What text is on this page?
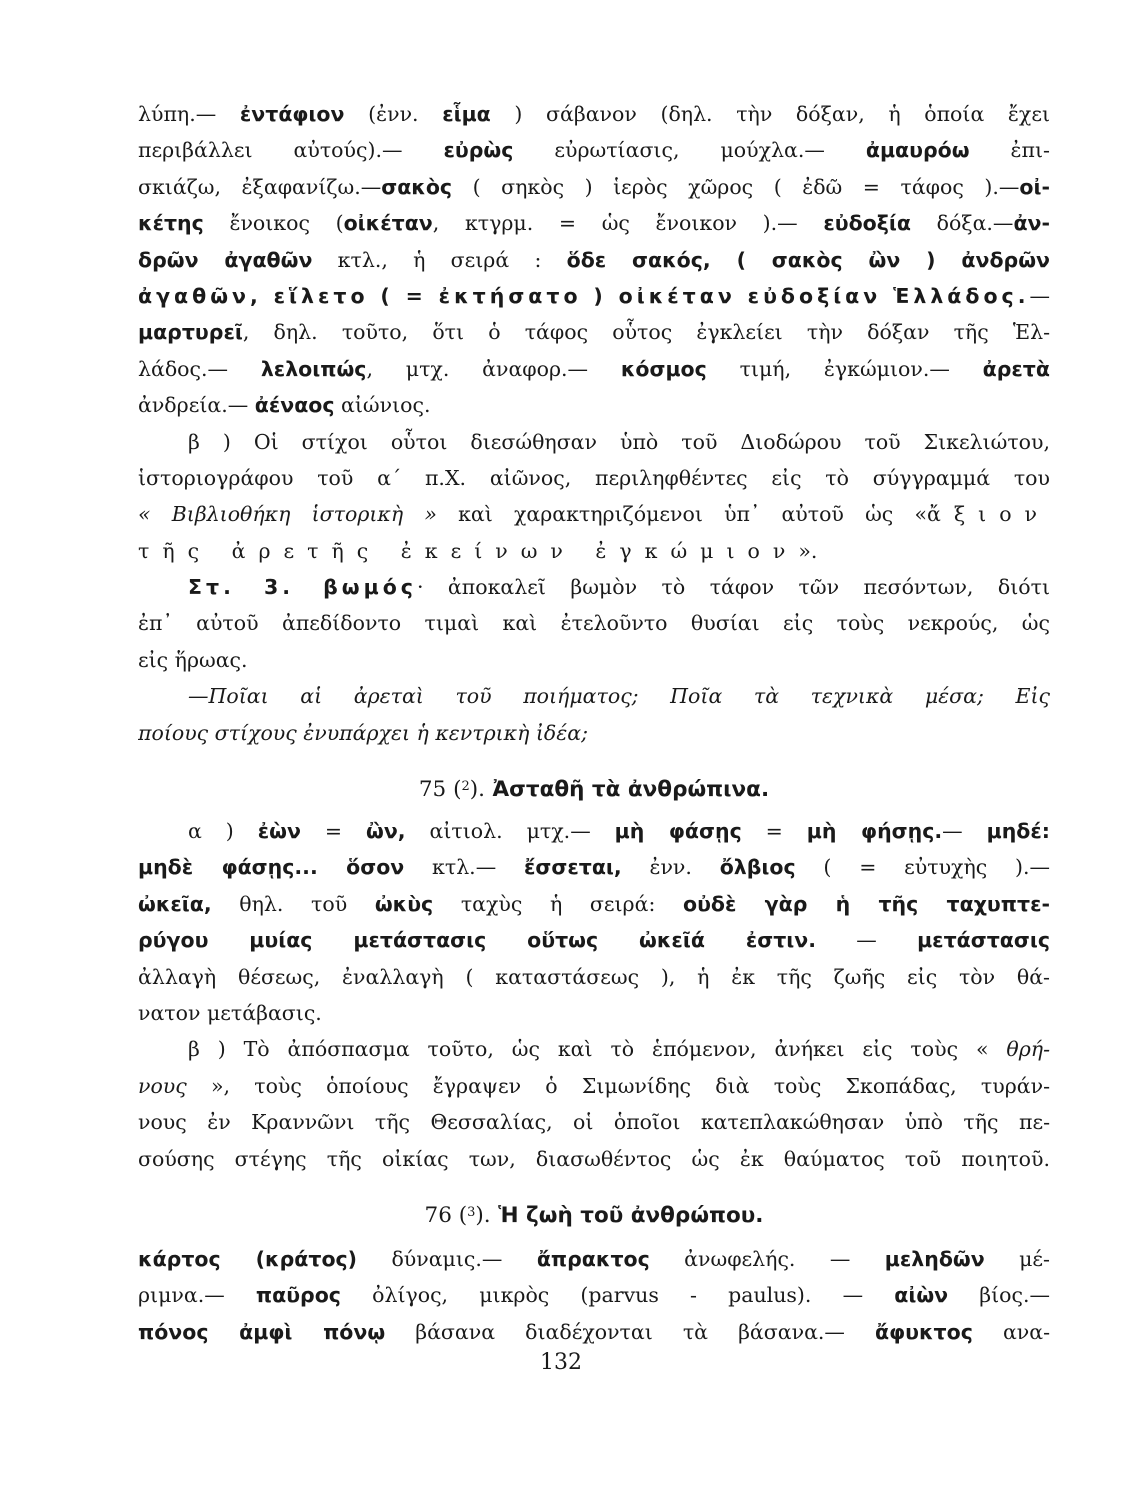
λύπη.— ἐντάφιον (ἐνν. εἷμα ) σάβανον (δηλ. τὴν δόξαν, ἡ ὁποία ἔχει
περιβάλλει αὐτούς).— εὐρὼς εὐρωτίασις, μούχλα.— ἀμαυρόω ἐπι-
σκιάζω, ἐξαφανίζω.—σακὸς ( σηκὸς ) ἱερὸς χῶρος ( ἐδῶ = τάφος ).—οἰ-
κέτης ἔνοικος (οἰκέταν, κτγρμ. = ὡς ἔνοικον ).— εὐδοξία δόξα.—ἀν-
δρῶν ἀγαθῶν κτλ., ἡ σειρά : ὅδε σακός, ( σακὸς ὢν ) ἀνδρῶν
ἀγαθῶν, εἵλετο ( = ἐκτήσατο ) οἰκέταν εὐδοξίαν Ἑλλάδος.—
μαρτυρεῖ, δηλ. τοῦτο, ὅτι ὁ τάφος οὗτος ἐγκλείει τὴν δόξαν τῆς Ἑλ-
λάδος.— λελοιπώς, μτχ. ἀναφορ.— κόσμος τιμή, ἐγκώμιον.— ἀρετὰ
ἀνδρεία.— ἀέναος αἰώνιος.
β ) Οἱ στίχοι οὗτοι διεσώθησαν ὑπὸ τοῦ Διοδώρου τοῦ Σικελιώτου,
ἱστοριογράφου τοῦ α΄ π.Χ. αἰῶνος, περιληφθέντες εἰς τὸ σύγγραμμά του
« Βιβλιοθήκη ἱστορικὴ » καὶ χαρακτηριζόμενοι ὑπ᾽ αὐτοῦ ὡς «ἄξιον
τῆς ἀρετῆς ἐκείνων ἐγκώμιον».
Στ. 3. βωμός· ἀποκαλεῖ βωμὸν τὸ τάφον τῶν πεσόντων, διότι
ἐπ᾽ αὐτοῦ ἀπεδίδοντο τιμαὶ καὶ ἐτελοῦντο θυσίαι εἰς τοὺς νεκρούς, ὡς
εἰς ἥρωας.
—Ποῖαι αἱ ἀρεταὶ τοῦ ποιήματος; Ποῖα τὰ τεχνικὰ μέσα; Εἰς
ποίους στίχους ἐνυπάρχει ἡ κεντρικὴ ἰδέα;
75 ($^2$). Ἀσταθῆ τὰ ἀνθρώπινα.
α ) ἐὼν = ὢν, αἰτιολ. μτχ.— μὴ φάσῃς = μὴ φήσῃς.— μηδέ:
μηδὲ φάσῃς... ὅσον κτλ.— ἔσσεται, ἐνν. ὄλβιος ( = εὐτυχὴς ).—
ὠκεῖα, θηλ. τοῦ ὠκὺς ταχὺς ἡ σειρά: οὐδὲ γὰρ ἡ τῆς ταχυπτε-
ρύγου μυίας μετάστασις οὕτως ὠκεῖά ἐστιν. — μετάστασις
ἀλλαγὴ θέσεως, ἐναλλαγὴ ( καταστάσεως ), ἡ ἐκ τῆς ζωῆς εἰς τὸν θά-
νατον μετάβασις.
β ) Τὸ ἀπόσπασμα τοῦτο, ὡς καὶ τὸ ἑπόμενον, ἀνήκει εἰς τοὺς « θρή-
νους », τοὺς ὁποίους ἔγραψεν ὁ Σιμωνίδης διὰ τοὺς Σκοπάδας, τυράν-
νους ἐν Κραννῶνι τῆς Θεσσαλίας, οἱ ὁποῖοι κατεπλακώθησαν ὑπὸ τῆς πε-
σούσης στέγης τῆς οἰκίας των, διασωθέντος ὡς ἐκ θαύματος τοῦ ποιητοῦ.
76 ($^3$). Ἡ ζωὴ τοῦ ἀνθρώπου.
κάρτος (κράτος) δύναμις.— ἄπρακτος ἀνωφελής. — μεληδῶν μέ-
ριμνα.— παῦρος ὀλίγος, μικρὸς (parvus - paulus). — αἰὼν βίος.—
πόνος ἀμφὶ πόνῳ βάσανα διαδέχονται τὰ βάσανα.— ἄφυκτος ανα-
132
